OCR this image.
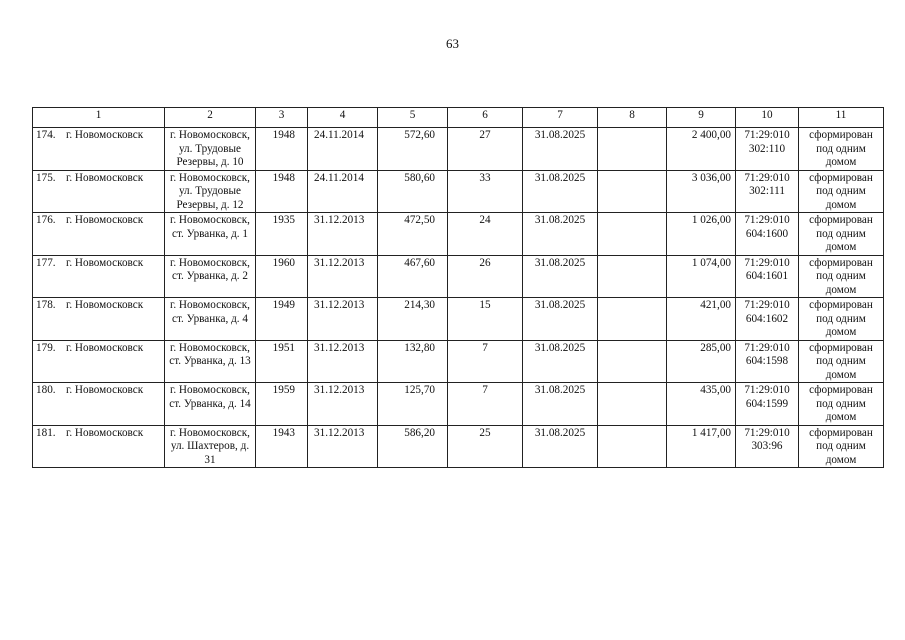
63
1	2	3	4	5	6	7	8	9	10	11
174. г. Новомосковск	г. Новомосковск, ул. Трудовые Резервы, д. 10	1948	24.11.2014	572,60	27	31.08.2025		2 400,00	71:29:010 302:110	сформирован под одним домом
175. г. Новомосковск	г. Новомосковск, ул. Трудовые Резервы, д. 12	1948	24.11.2014	580,60	33	31.08.2025		3 036,00	71:29:010 302:111	сформирован под одним домом
176. г. Новомосковск	г. Новомосковск, ст. Урванка, д. 1	1935	31.12.2013	472,50	24	31.08.2025		1 026,00	71:29:010 604:1600	сформирован под одним домом
177. г. Новомосковск	г. Новомосковск, ст. Урванка, д. 2	1960	31.12.2013	467,60	26	31.08.2025		1 074,00	71:29:010 604:1601	сформирован под одним домом
178. г. Новомосковск	г. Новомосковск, ст. Урванка, д. 4	1949	31.12.2013	214,30	15	31.08.2025		421,00	71:29:010 604:1602	сформирован под одним домом
179. г. Новомосковск	г. Новомосковск, ст. Урванка, д. 13	1951	31.12.2013	132,80	7	31.08.2025		285,00	71:29:010 604:1598	сформирован под одним домом
180. г. Новомосковск	г. Новомосковск, ст. Урванка, д. 14	1959	31.12.2013	125,70	7	31.08.2025		435,00	71:29:010 604:1599	сформирован под одним домом
181. г. Новомосковск	г. Новомосковск, ул. Шахтеров, д. 31	1943	31.12.2013	586,20	25	31.08.2025		1 417,00	71:29:010 303:96	сформирован под одним домом
